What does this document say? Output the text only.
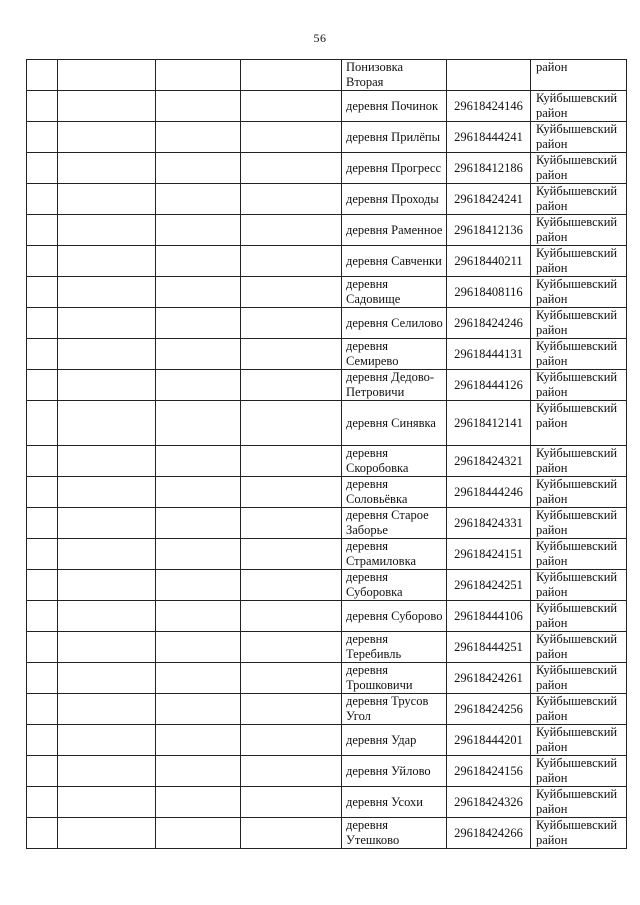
56
				Понизовка Вторая		район
				деревня Починок	29618424146	Куйбышевский район
				деревня Прилёпы	29618444241	Куйбышевский район
				деревня Прогресс	29618412186	Куйбышевский район
				деревня Проходы	29618424241	Куйбышевский район
				деревня Раменное	29618412136	Куйбышевский район
				деревня Савченки	29618440211	Куйбышевский район
				деревня Садовище	29618408116	Куйбышевский район
				деревня Селилово	29618424246	Куйбышевский район
				деревня Семирево	29618444131	Куйбышевский район
				деревня Дедово-Петровичи	29618444126	Куйбышевский район
				деревня Синявка	29618412141	Куйбышевский район
				деревня Скоробовка	29618424321	Куйбышевский район
				деревня Соловьёвка	29618444246	Куйбышевский район
				деревня Старое Заборье	29618424331	Куйбышевский район
				деревня Страмиловка	29618424151	Куйбышевский район
				деревня Суборовка	29618424251	Куйбышевский район
				деревня Суборово	29618444106	Куйбышевский район
				деревня Теребивль	29618444251	Куйбышевский район
				деревня Трошковичи	29618424261	Куйбышевский район
				деревня Трусов Угол	29618424256	Куйбышевский район
				деревня Удар	29618444201	Куйбышевский район
				деревня Уйлово	29618424156	Куйбышевский район
				деревня Усохи	29618424326	Куйбышевский район
				деревня Утешково	29618424266	Куйбышевский район
